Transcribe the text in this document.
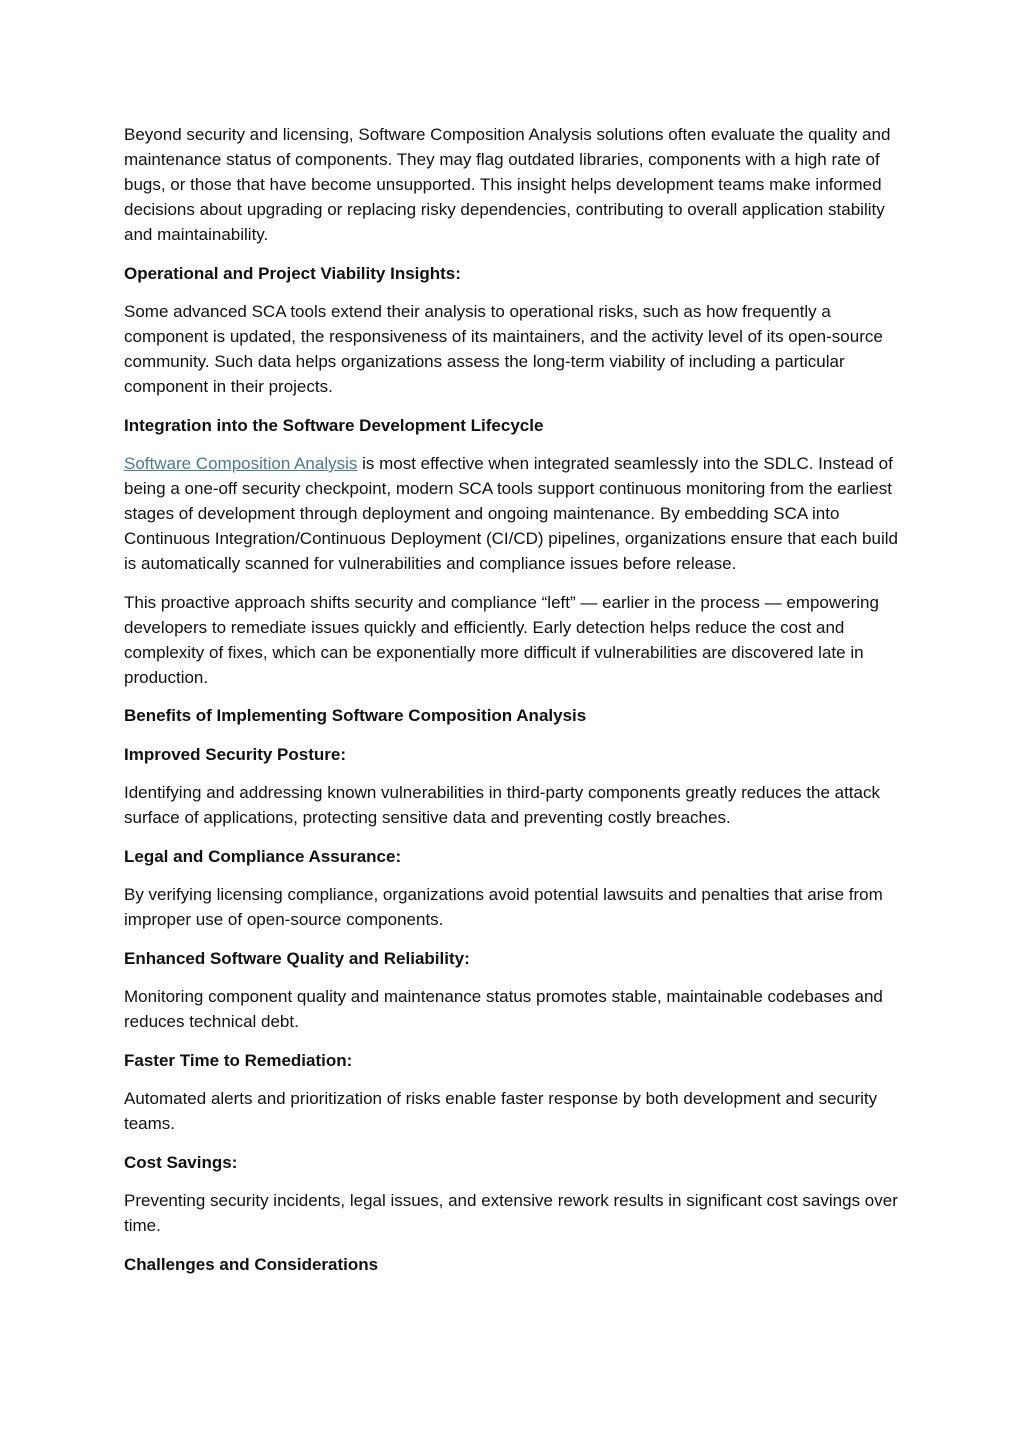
Beyond security and licensing, Software Composition Analysis solutions often evaluate the quality and maintenance status of components. They may flag outdated libraries, components with a high rate of bugs, or those that have become unsupported. This insight helps development teams make informed decisions about upgrading or replacing risky dependencies, contributing to overall application stability and maintainability.

Operational and Project Viability Insights:

Some advanced SCA tools extend their analysis to operational risks, such as how frequently a component is updated, the responsiveness of its maintainers, and the activity level of its open-source community. Such data helps organizations assess the long-term viability of including a particular component in their projects.

Integration into the Software Development Lifecycle

Software Composition Analysis is most effective when integrated seamlessly into the SDLC. Instead of being a one-off security checkpoint, modern SCA tools support continuous monitoring from the earliest stages of development through deployment and ongoing maintenance. By embedding SCA into Continuous Integration/Continuous Deployment (CI/CD) pipelines, organizations ensure that each build is automatically scanned for vulnerabilities and compliance issues before release.

This proactive approach shifts security and compliance “left” — earlier in the process — empowering developers to remediate issues quickly and efficiently. Early detection helps reduce the cost and complexity of fixes, which can be exponentially more difficult if vulnerabilities are discovered late in production.

Benefits of Implementing Software Composition Analysis

Improved Security Posture:

Identifying and addressing known vulnerabilities in third-party components greatly reduces the attack surface of applications, protecting sensitive data and preventing costly breaches.

Legal and Compliance Assurance:

By verifying licensing compliance, organizations avoid potential lawsuits and penalties that arise from improper use of open-source components.

Enhanced Software Quality and Reliability:

Monitoring component quality and maintenance status promotes stable, maintainable codebases and reduces technical debt.

Faster Time to Remediation:

Automated alerts and prioritization of risks enable faster response by both development and security teams.

Cost Savings:

Preventing security incidents, legal issues, and extensive rework results in significant cost savings over time.

Challenges and Considerations
